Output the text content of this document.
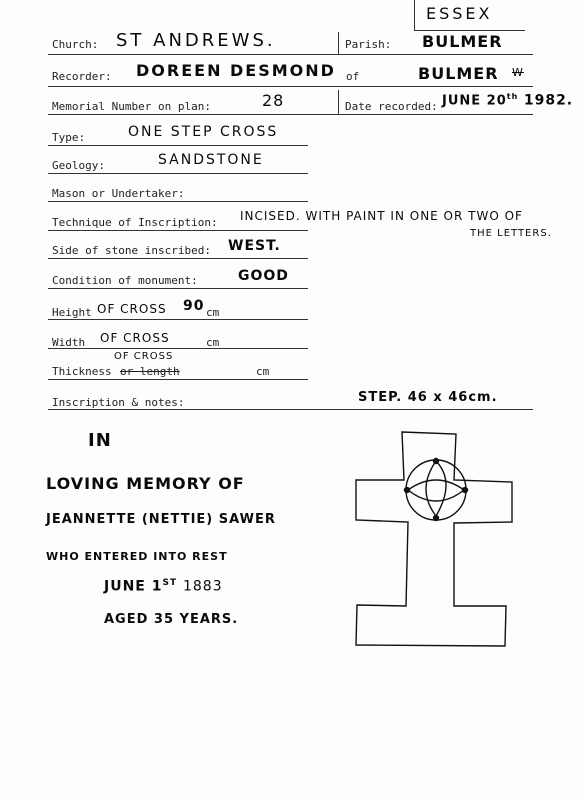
ESSEX
Church: ST ANDREWS.	Parish: BULMER
Recorder: DOREEN DESMOND of	BULMER W
Memorial Number on plan:	28	Date recorded: JUNE 20th 1982.
Type:	ONE STEP CROSS
Geology:	SANDSTONE
Mason or Undertaker:
Technique of Inscription: INCISED. WITH PAINT IN ONE OR TWO OF
THE LETTERS.
Side of stone inscribed: WEST.
Condition of monument:	GOOD
Height OF CROSS 90 cm
Width OF CROSS	cm
OF CROSS
Thickness or length	cm
Inscription & notes:	STEP. 46 x 46cm.
IN
LOVING MEMORY OF
JEANNETTE (NETTIE) SAWER
WHO ENTERED INTO REST
JUNE 1ST 1883
AGED 35 YEARS.
